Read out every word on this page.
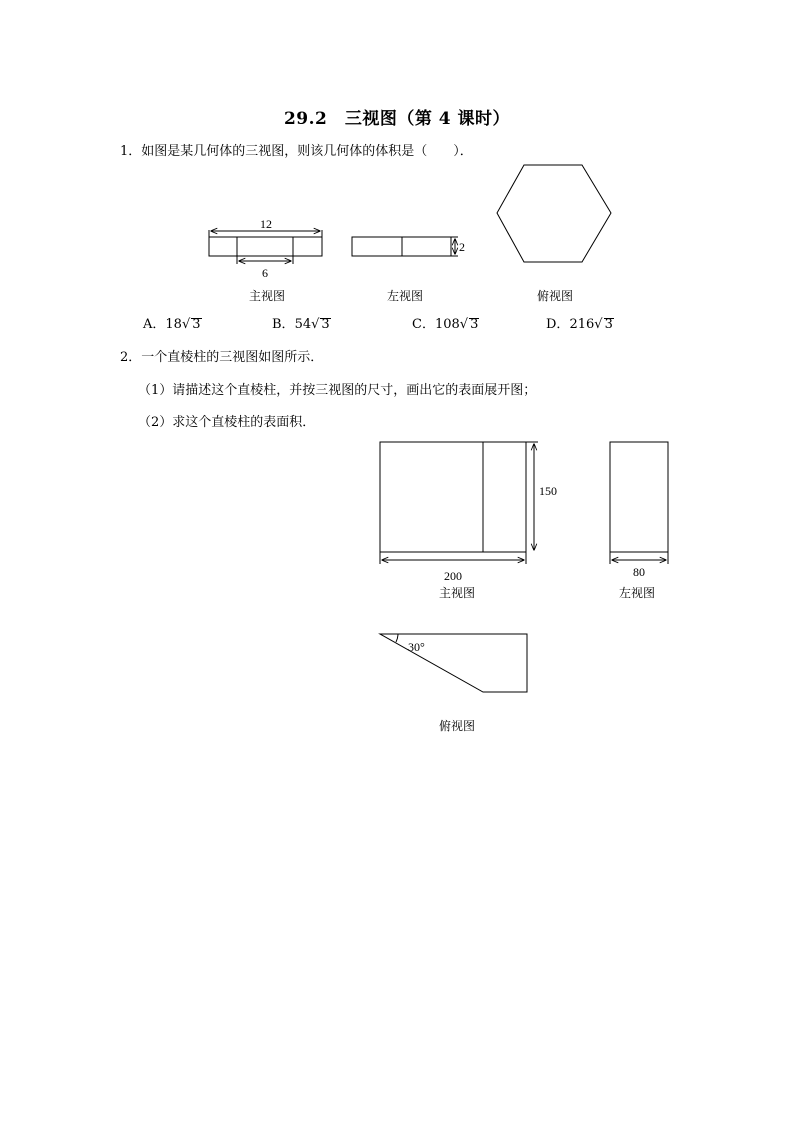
29.2　三视图（第 4 课时）
1．如图是某几何体的三视图，则该几何体的体积是（　　）．
12
6
2
150
200	80
30°
主视图	左视图	俯视图
A．18√ 3	B．54√ 3	C．108√ 3	D．216√ 3
2．一个直棱柱的三视图如图所示．
（1）请描述这个直棱柱，并按三视图的尺寸，画出它的表面展开图；
（2）求这个直棱柱的表面积．
主视图	左视图
俯视图
